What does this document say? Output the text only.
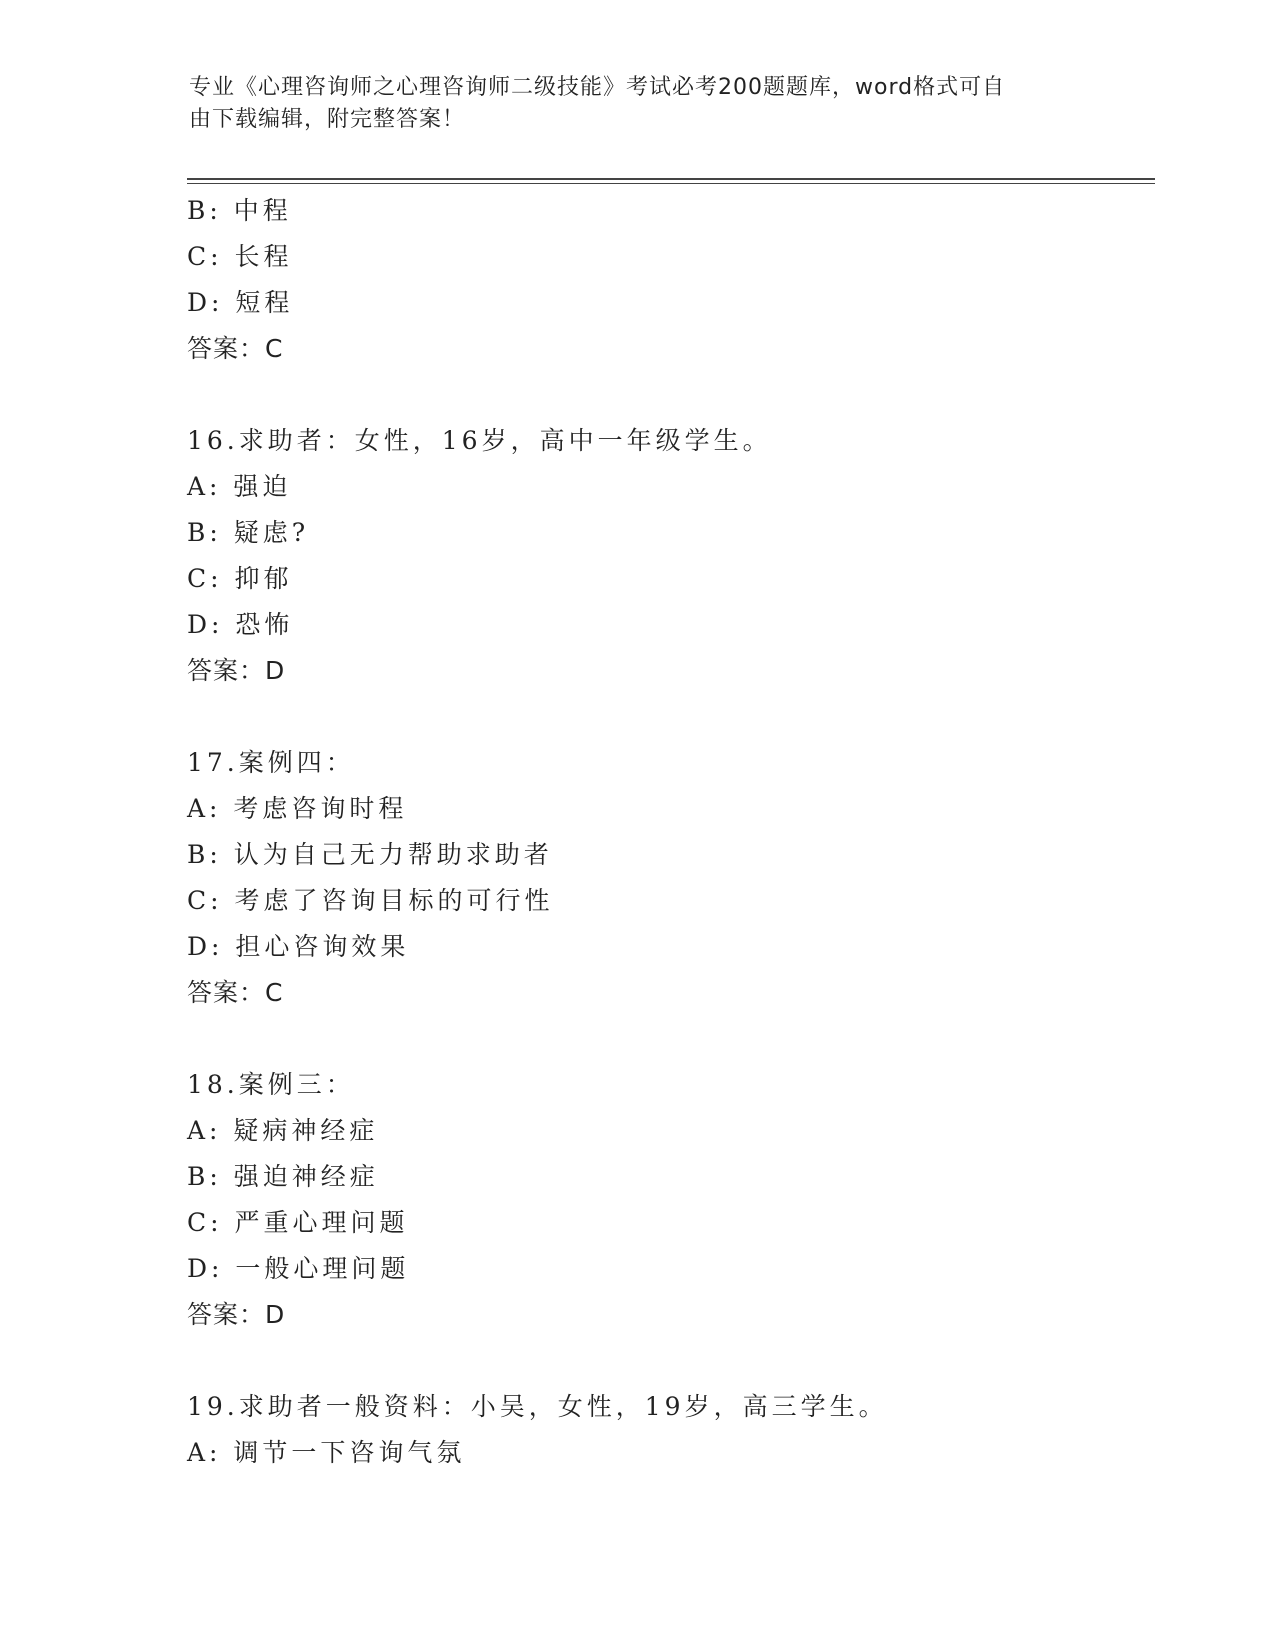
专业《心理咨询师之心理咨询师二级技能》考试必考200题题库，word格式可自
由下载编辑，附完整答案！
B: 中程
C: 长程
D: 短程
答案：C
16.求助者：女性，16岁，高中一年级学生。
A: 强迫
B: 疑虑?
C: 抑郁
D: 恐怖
答案：D
17.案例四：
A: 考虑咨询时程
B: 认为自己无力帮助求助者
C: 考虑了咨询目标的可行性
D: 担心咨询效果
答案：C
18.案例三：
A: 疑病神经症
B: 强迫神经症
C: 严重心理问题
D: 一般心理问题
答案：D
19.求助者一般资料：小吴，女性，19岁，高三学生。
A: 调节一下咨询气氛
